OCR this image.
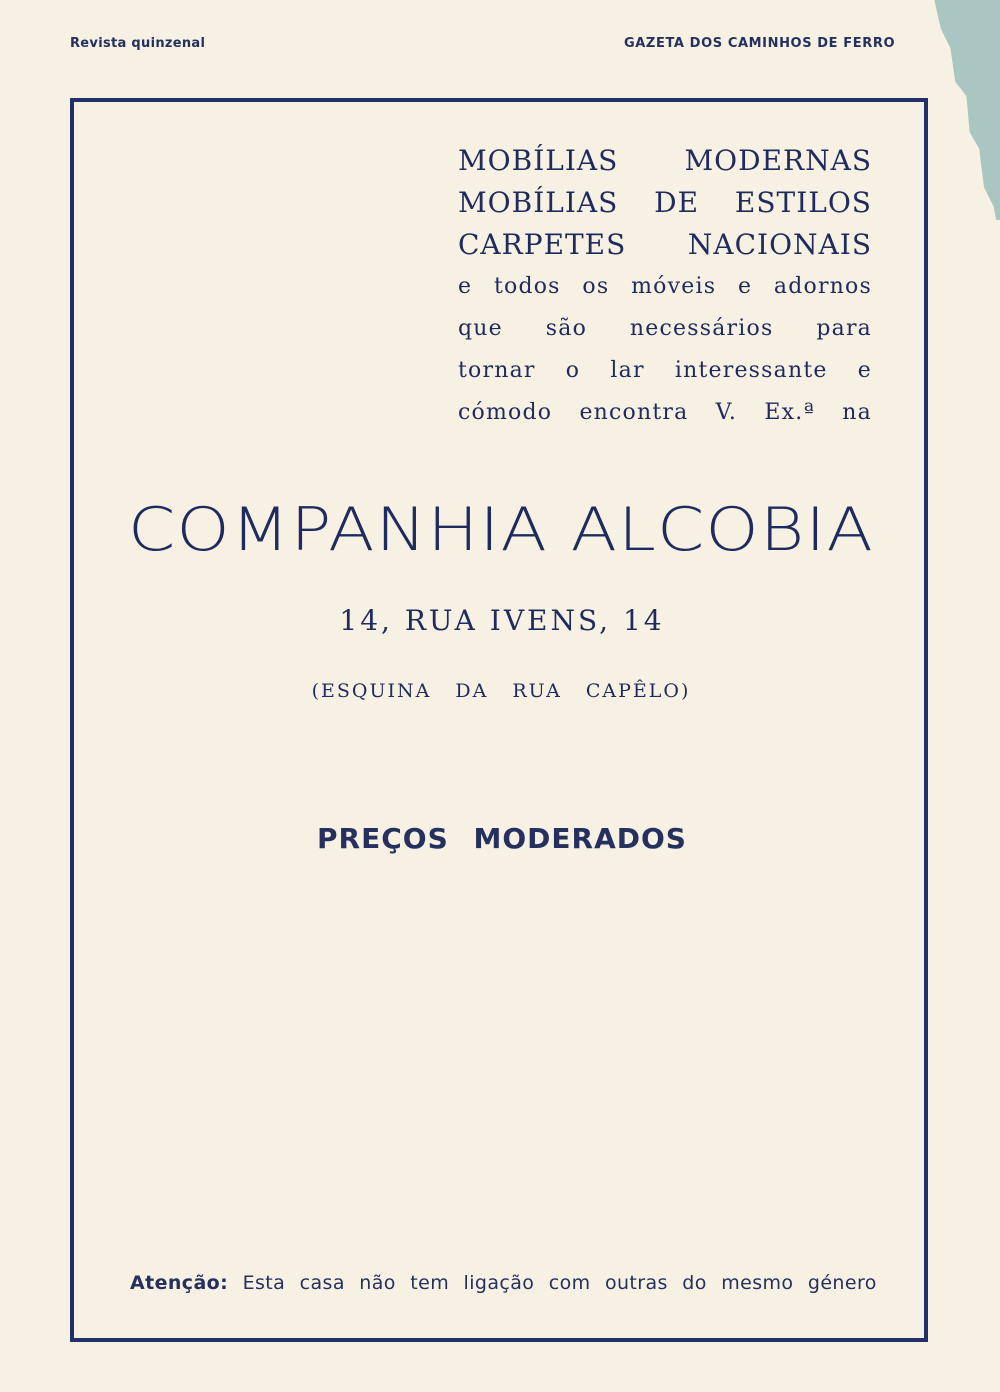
Revista quinzenal	GAZETA DOS CAMINHOS DE FERRO
MOBÍLIAS MODERNAS
MOBÍLIAS DE ESTILOS
CARPETES NACIONAIS
e todos os móveis e adornos
que são necessários para
tornar o lar interessante e
cómodo encontra V. Ex.ª na
COMPANHIA ALCOBIA
14, RUA IVENS, 14
(ESQUINA DA RUA CAPÊLO)
PREÇOS MODERADOS
Atenção: Esta casa não tem ligação com outras do mesmo género
